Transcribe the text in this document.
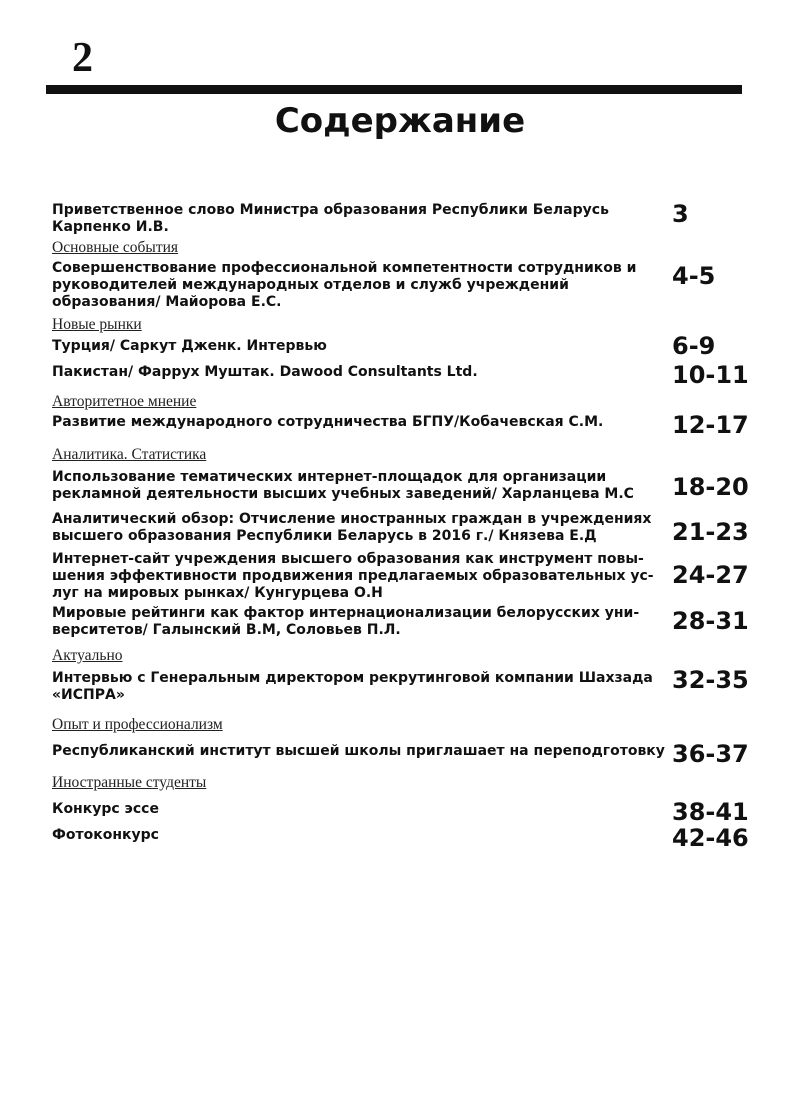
2
Содержание
Приветственное слово Министра образования Республики Беларусь
Карпенко И.В.	3
Основные события
Совершенствование профессиональной компетентности сотрудников и
руководителей международных отделов и служб учреждений
образования/ Майорова Е.С.
4-5
Новые рынки
Турция/ Саркут Дженк. Интервью	6-9
Пакистан/ Фаррух Муштак. Dawood Consultants Ltd.	10-11
Авторитетное мнение
Развитие международного сотрудничества БГПУ/Кобачевская С.М.	12-17
Аналитика. Статистика
Использование тематических интернет-площадок для организации
рекламной деятельности высших учебных заведений/ Харланцева М.С 18-20
Аналитический обзор: Отчисление иностранных граждан в учреждениях
высшего образования Республики Беларусь в 2016 г./ Князева Е.Д	21-23
Интернет-сайт учреждения высшего образования как инструмент повы-
шения эффективности продвижения предлагаемых образовательных ус-
луг на мировых рынках/ Кунгурцева О.Н
24-27
Мировые рейтинги как фактор интернационализации белорусских уни-
верситетов/ Галынский В.М, Соловьев П.Л.	28-31
Актуально
Интервью с Генеральным директором рекрутинговой компании Шахзада
«ИСПРА»
32-35
Опыт и профессионализм
Республиканский институт высшей школы приглашает на переподготовку 36-37
Иностранные студенты
Конкурс эссе	38-41
Фотоконкурс	42-46
